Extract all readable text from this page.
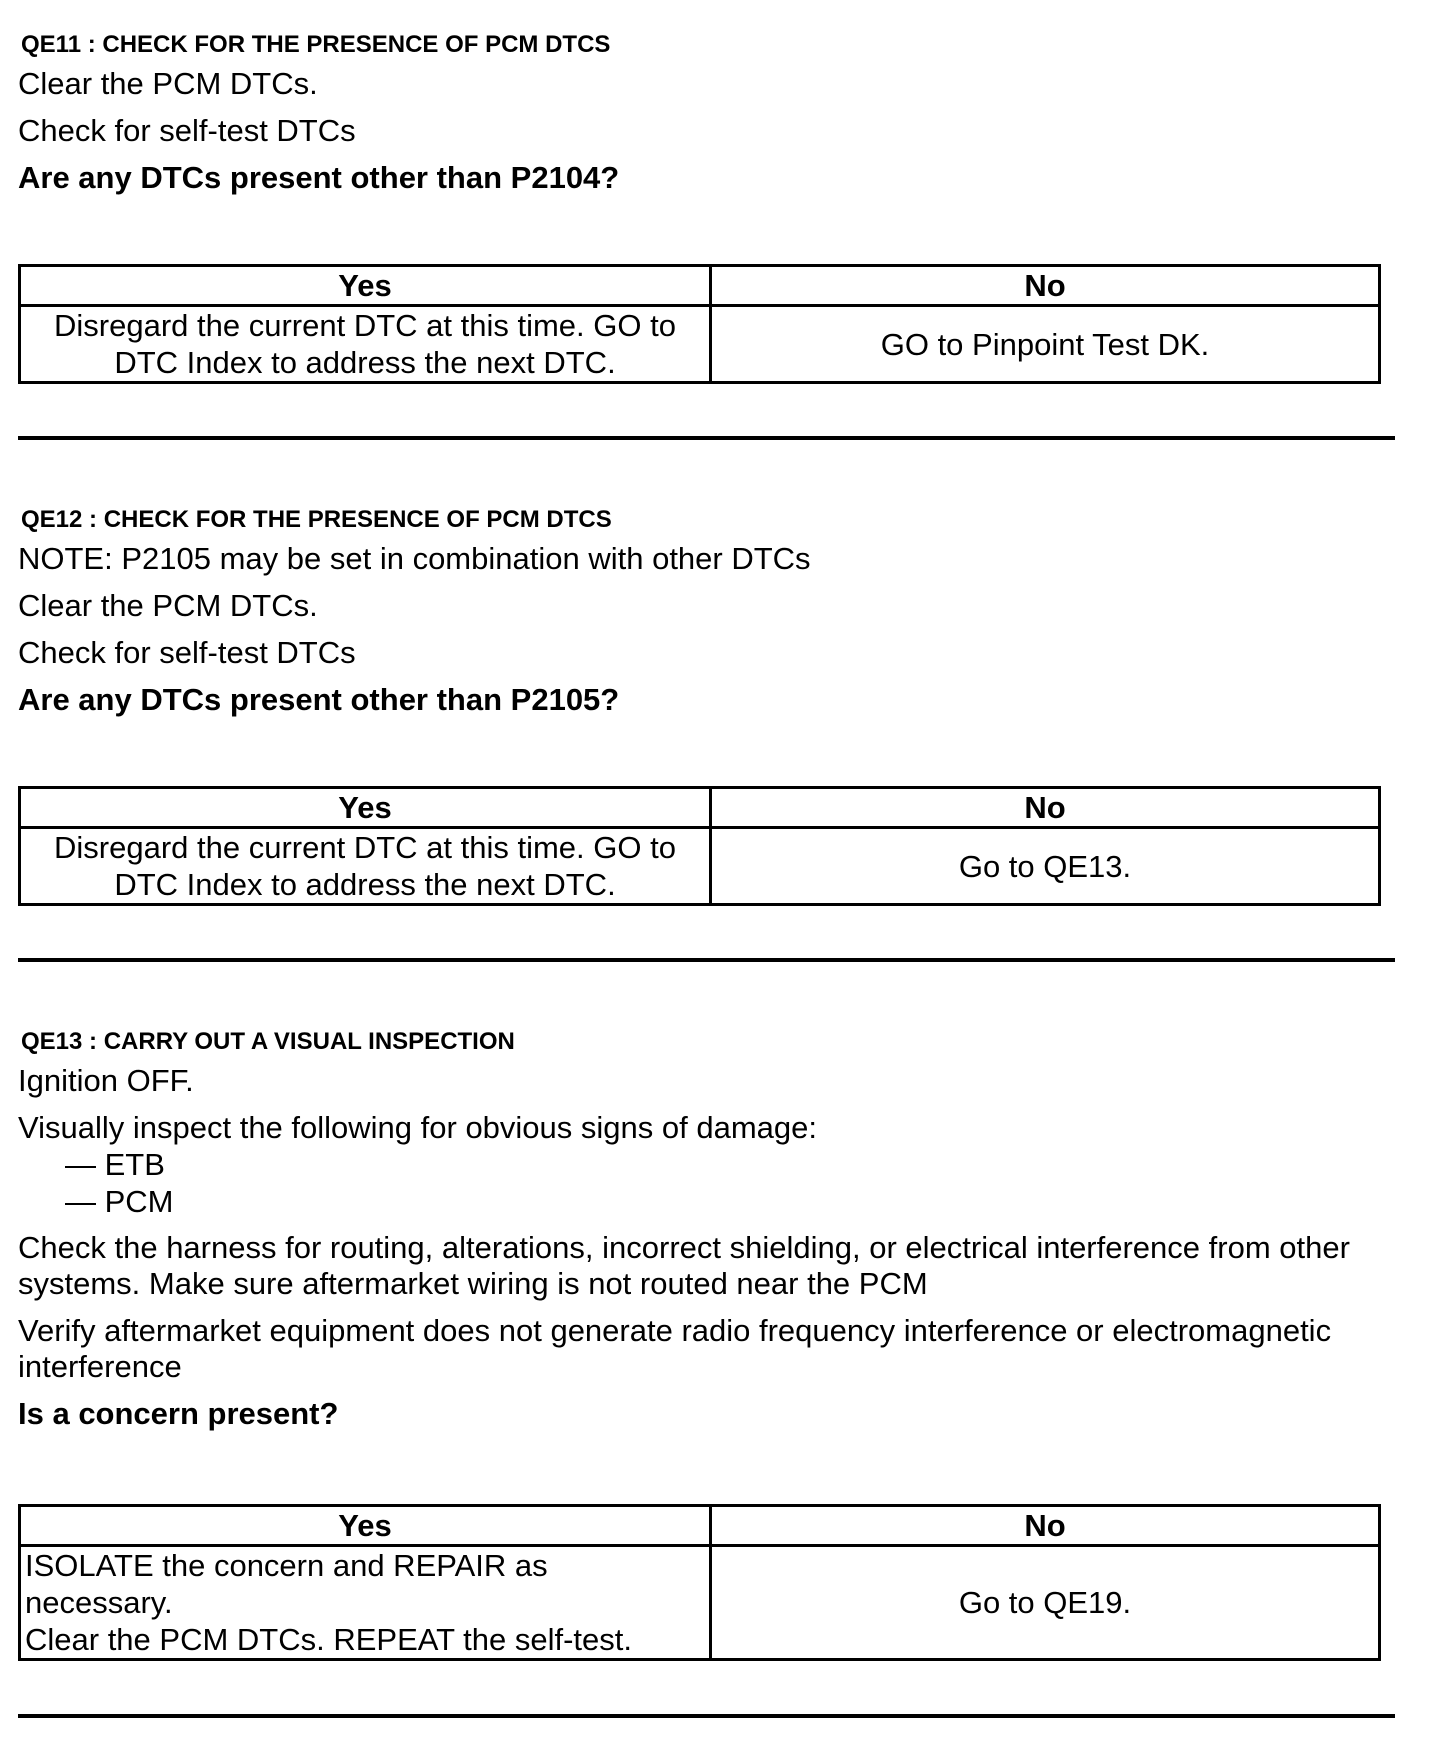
QE11 : CHECK FOR THE PRESENCE OF PCM DTCS
Clear the PCM DTCs.
Check for self-test DTCs
Are any DTCs present other than P2104?
Yes	No
Disregard the current DTC at this time. GO to DTC Index to address the next DTC.	GO to Pinpoint Test DK.
QE12 : CHECK FOR THE PRESENCE OF PCM DTCS
NOTE: P2105 may be set in combination with other DTCs
Clear the PCM DTCs.
Check for self-test DTCs
Are any DTCs present other than P2105?
Yes	No
Disregard the current DTC at this time. GO to DTC Index to address the next DTC.	Go to QE13.
QE13 : CARRY OUT A VISUAL INSPECTION
Ignition OFF.
Visually inspect the following for obvious signs of damage:
— ETB
— PCM
Check the harness for routing, alterations, incorrect shielding, or electrical interference from other systems. Make sure aftermarket wiring is not routed near the PCM
Verify aftermarket equipment does not generate radio frequency interference or electromagnetic interference
Is a concern present?
Yes	No

ISOLATE the concern and REPAIR as
necessary.
Clear the PCM DTCs. REPEAT the self-test.	Go to QE19.
